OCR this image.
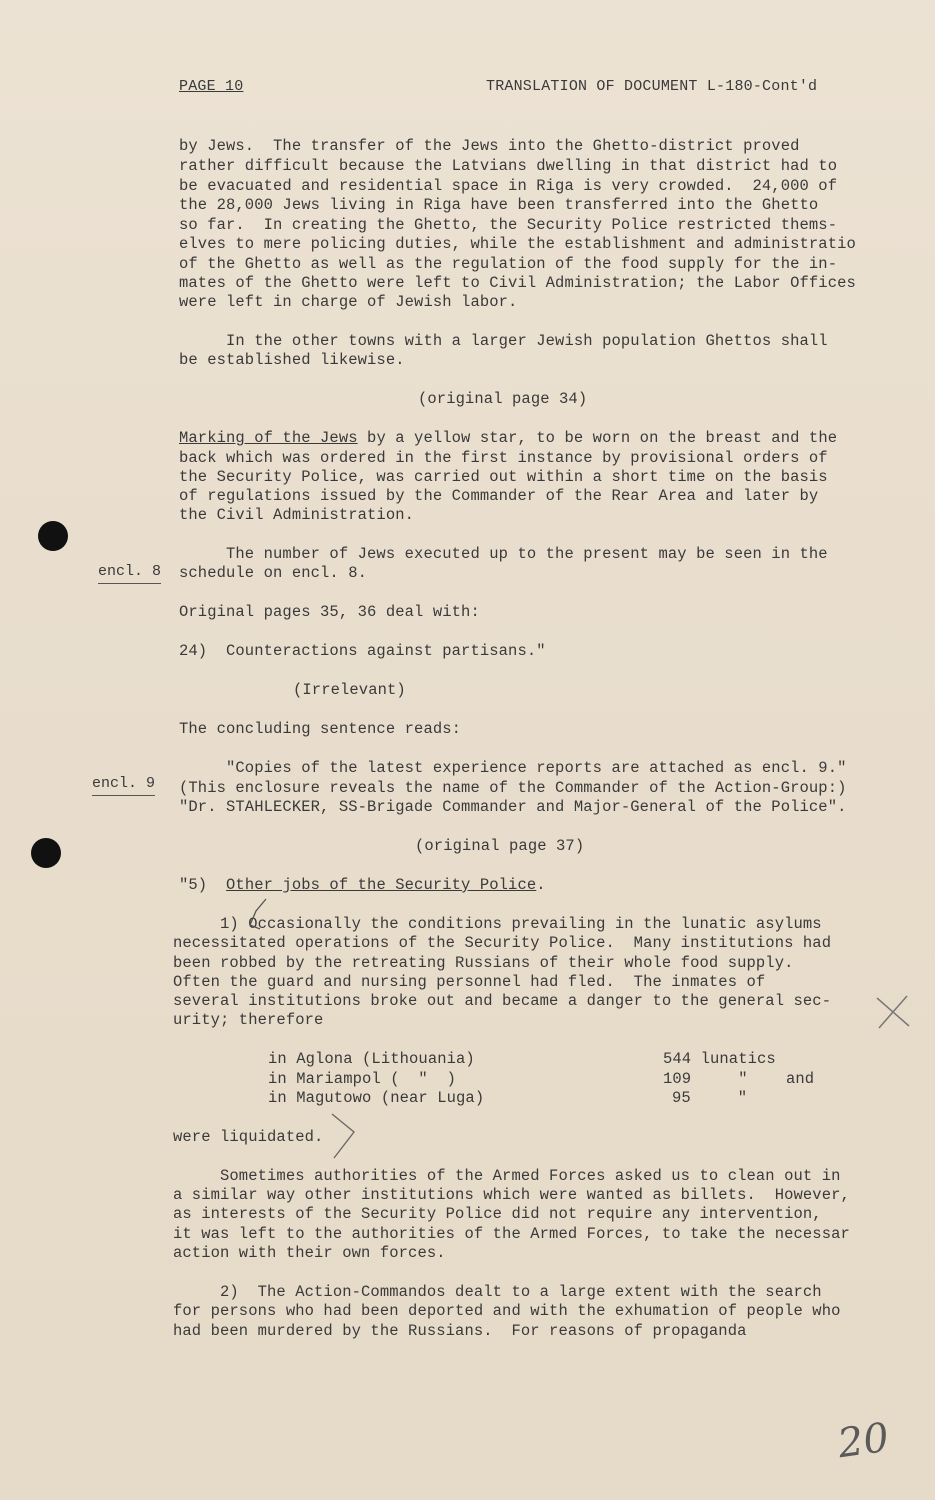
PAGE 10	TRANSLATION OF DOCUMENT L-180-Cont'd
by Jews.  The transfer of the Jews into the Ghetto-district proved
rather difficult because the Latvians dwelling in that district had to
be evacuated and residential space in Riga is very crowded.  24,000 of
the 28,000 Jews living in Riga have been transferred into the Ghetto
so far.  In creating the Ghetto, the Security Police restricted thems-
elves to mere policing duties, while the establishment and administratio
of the Ghetto as well as the regulation of the food supply for the in-
mates of the Ghetto were left to Civil Administration; the Labor Offices
were left in charge of Jewish labor.
In the other towns with a larger Jewish population Ghettos shall
be established likewise.
(original page 34)
Marking of the Jews by a yellow star, to be worn on the breast and the
back which was ordered in the first instance by provisional orders of
the Security Police, was carried out within a short time on the basis
of regulations issued by the Commander of the Rear Area and later by
the Civil Administration.
The number of Jews executed up to the present may be seen in the
encl. 8 schedule on encl. 8.
Original pages 35, 36 deal with:
24)  Counteractions against partisans."
(Irrelevant)
The concluding sentence reads:
"Copies of the latest experience reports are attached as encl. 9."
encl. 9 (This enclosure reveals the name of the Commander of the Action-Group:)
"Dr. STAHLECKER, SS-Brigade Commander and Major-General of the Police".
(original page 37)
"5)  Other jobs of the Security Police.
1) Occasionally the conditions prevailing in the lunatic asylums
necessitated operations of the Security Police.  Many institutions had
been robbed by the retreating Russians of their whole food supply.
Often the guard and nursing personnel had fled.  The inmates of
several institutions broke out and became a danger to the general sec-
urity; therefore
in Aglona (Lithouania)	544 lunatics
in Mariampol (  "  )	109     " and
in Magutowo (near Luga)	95     "
were liquidated.
Sometimes authorities of the Armed Forces asked us to clean out in
a similar way other institutions which were wanted as billets.  However,
as interests of the Security Police did not require any intervention,
it was left to the authorities of the Armed Forces, to take the necessar
action with their own forces.
2)  The Action-Commandos dealt to a large extent with the search
for persons who had been deported and with the exhumation of people who
had been murdered by the Russians.  For reasons of propaganda
20
